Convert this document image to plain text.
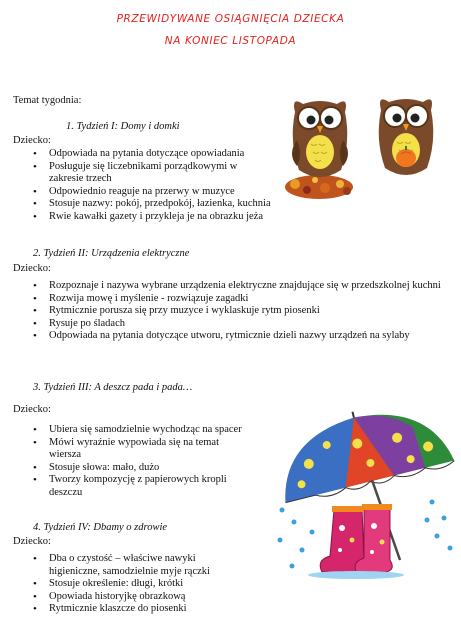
PRZEWIDYWANE OSIĄGNIĘCIA DZIECKA
NA KONIEC LISTOPADA
Temat tygodnia:
1. Tydzień I: Domy i domki
Dziecko:
• Odpowiada na pytania dotyczące opowiadania
• Posługuje się liczebnikami porządkowymi w zakresie trzech
• Odpowiednio reaguje na przerwy w muzyce
• Stosuje nazwy: pokój, przedpokój, łazienka, kuchnia
• Rwie kawałki gazety i przykleja je na obrazku jeża
2. Tydzień II: Urządzenia elektryczne
Dziecko:
• Rozpoznaje i nazywa wybrane urządzenia elektryczne znajdujące się w przedszkolnej kuchni
• Rozwija mowę i myślenie - rozwiązuje zagadki
• Rytmicznie porusza się przy muzyce i wyklaskuje rytm piosenki
• Rysuje po śladach
• Odpowiada na pytania dotyczące utworu, rytmicznie dzieli nazwy urządzeń na sylaby
3. Tydzień III: A deszcz pada i pada…
Dziecko:
• Ubiera się samodzielnie wychodząc na spacer
• Mówi wyraźnie wypowiada się na temat wiersza
• Stosuje słowa: mało, dużo
• Tworzy kompozycję z papierowych kropli deszczu
4. Tydzień IV: Dbamy o zdrowie
Dziecko:
• Dba o czystość – właściwe nawyki higieniczne, samodzielnie myje rączki
• Stosuje określenie: długi, krótki
• Opowiada historyjkę obrazkową
• Rytmicznie klaszcze do piosenki
